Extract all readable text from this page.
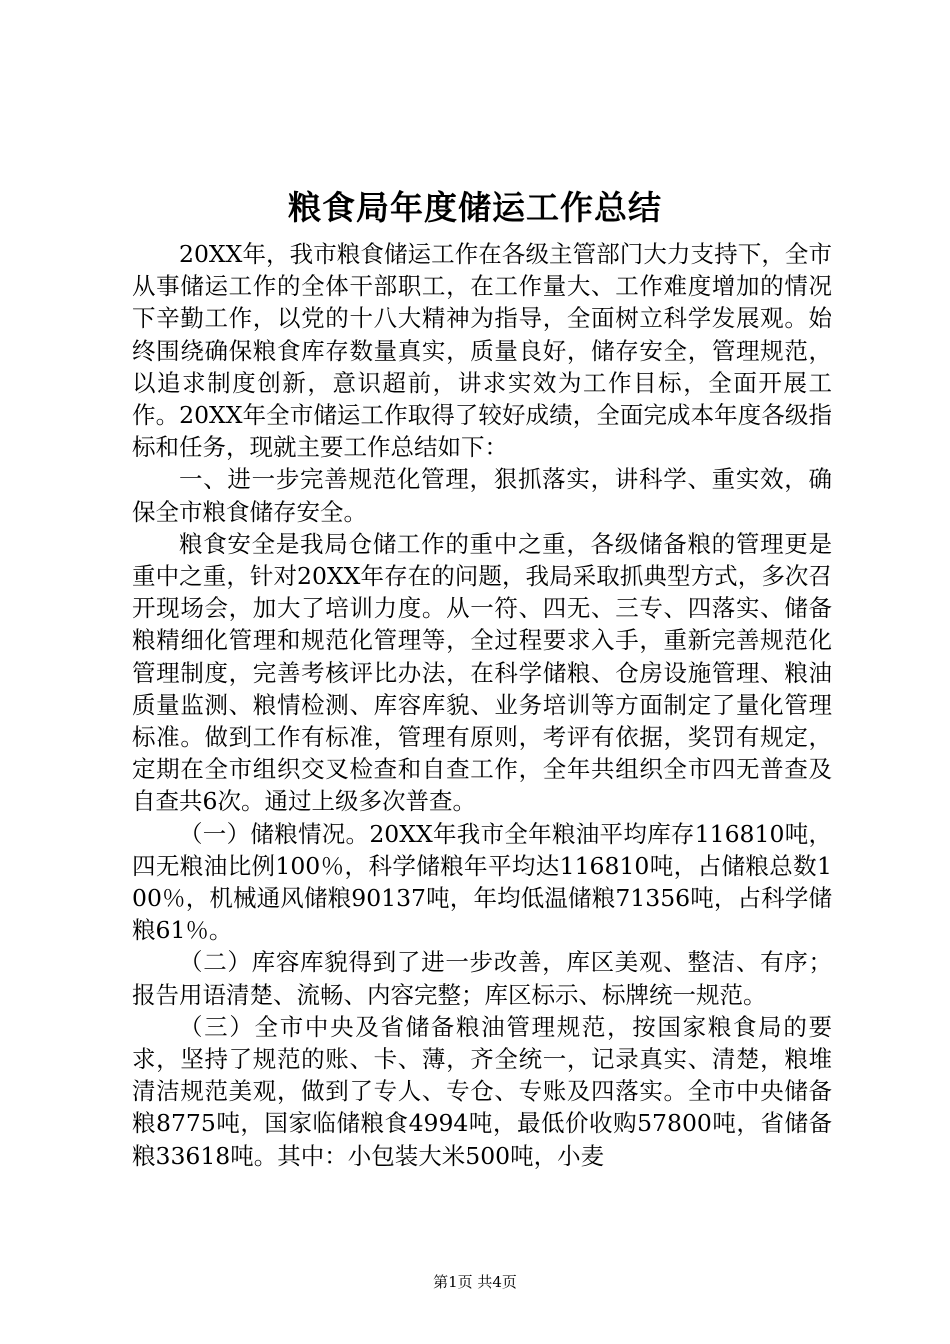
粮食局年度储运工作总结

20XX年，我市粮食储运工作在各级主管部门大力支持下，全市从事储运工作的全体干部职工，在工作量大、工作难度增加的情况下辛勤工作，以党的十八大精神为指导，全面树立科学发展观。始终围绕确保粮食库存数量真实，质量良好，储存安全，管理规范，以追求制度创新，意识超前，讲求实效为工作目标，全面开展工作。20XX年全市储运工作取得了较好成绩，全面完成本年度各级指标和任务，现就主要工作总结如下：

一、进一步完善规范化管理，狠抓落实，讲科学、重实效，确保全市粮食储存安全。

粮食安全是我局仓储工作的重中之重，各级储备粮的管理更是重中之重，针对20XX年存在的问题，我局采取抓典型方式，多次召开现场会，加大了培训力度。从一符、四无、三专、四落实、储备粮精细化管理和规范化管理等，全过程要求入手，重新完善规范化管理制度，完善考核评比办法，在科学储粮、仓房设施管理、粮油质量监测、粮情检测、库容库貌、业务培训等方面制定了量化管理标准。做到工作有标准，管理有原则，考评有依据，奖罚有规定，定期在全市组织交叉检查和自查工作，全年共组织全市四无普查及自查共6次。通过上级多次普查。

（一）储粮情况。20XX年我市全年粮油平均库存116810吨，四无粮油比例100％，科学储粮年平均达116810吨，占储粮总数100％，机械通风储粮90137吨，年均低温储粮71356吨，占科学储粮61％。

（二）库容库貌得到了进一步改善，库区美观、整洁、有序；报告用语清楚、流畅、内容完整；库区标示、标牌统一规范。

（三）全市中央及省储备粮油管理规范，按国家粮食局的要求，坚持了规范的账、卡、薄，齐全统一，记录真实、清楚，粮堆清洁规范美观，做到了专人、专仓、专账及四落实。全市中央储备粮8775吨，国家临储粮食4994吨，最低价收购57800吨，省储备粮33618吨。其中：小包装大米500吨，小麦

第1页 共4页
